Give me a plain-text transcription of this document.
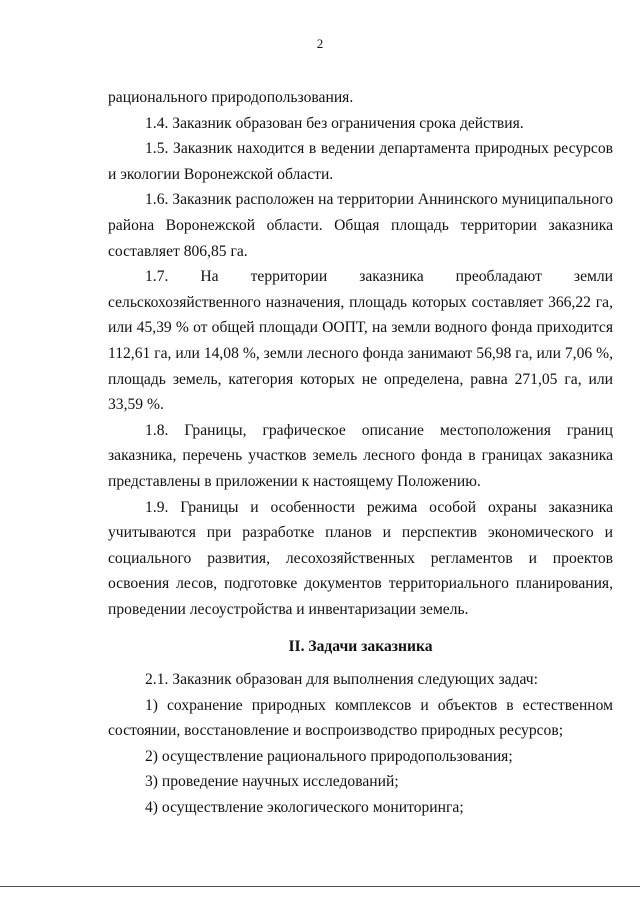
2

рационального природопользования.

1.4. Заказник образован без ограничения срока действия.

1.5. Заказник находится в ведении департамента природных ресурсов и экологии Воронежской области.

1.6. Заказник расположен на территории Аннинского муниципального района Воронежской области. Общая площадь территории заказника составляет 806,85 га.

1.7. На территории заказника преобладают земли сельскохозяйственного назначения, площадь которых составляет 366,22 га, или 45,39 % от общей площади ООПТ, на земли водного фонда приходится 112,61 га, или 14,08 %, земли лесного фонда занимают 56,98 га, или 7,06 %, площадь земель, категория которых не определена, равна 271,05 га, или 33,59 %.

1.8. Границы, графическое описание местоположения границ заказника, перечень участков земель лесного фонда в границах заказника представлены в приложении к настоящему Положению.

1.9. Границы и особенности режима особой охраны заказника учитываются при разработке планов и перспектив экономического и социального развития, лесохозяйственных регламентов и проектов освоения лесов, подготовке документов территориального планирования, проведении лесоустройства и инвентаризации земель.

II. Задачи заказника

2.1. Заказник образован для выполнения следующих задач:

1) сохранение природных комплексов и объектов в естественном состоянии, восстановление и воспроизводство природных ресурсов;

2) осуществление рационального природопользования;

3) проведение научных исследований;

4) осуществление экологического мониторинга;
